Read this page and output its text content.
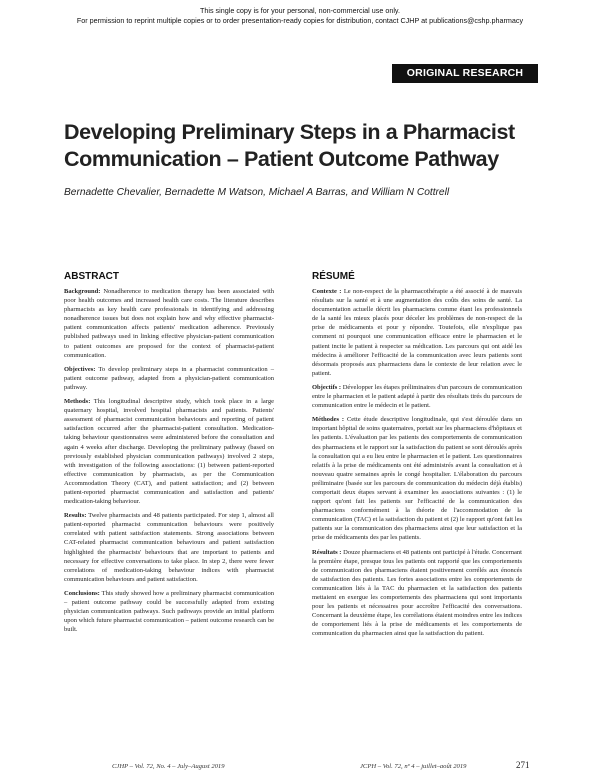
This single copy is for your personal, non-commercial use only.
For permission to reprint multiple copies or to order presentation-ready copies for distribution, contact CJHP at publications@cshp.pharmacy
ORIGINAL RESEARCH
Developing Preliminary Steps in a Pharmacist Communication – Patient Outcome Pathway
Bernadette Chevalier, Bernadette M Watson, Michael A Barras, and William N Cottrell
ABSTRACT

Background: Nonadherence to medication therapy has been associated with poor health outcomes and increased health care costs. The literature describes pharmacists as key health care professionals in identifying and addressing nonadherence issues but does not explain how and why effective pharmacist-patient communication affects patients' medication adherence. Previously published pathways used in linking effective physician-patient communication to patient outcomes are proposed for the context of pharmacist-patient communication.

Objectives: To develop preliminary steps in a pharmacist communication – patient outcome pathway, adapted from a physician-patient communication pathway.

Methods: This longitudinal descriptive study, which took place in a large quaternary hospital, involved hospital pharmacists and patients. Patients' assessment of pharmacist communication behaviours and reporting of patient satisfaction occurred after the pharmacist-patient consultation. Medication-taking behaviour questionnaires were administered before the consultation and again 4 weeks after discharge. Developing the preliminary pathway (based on previously established physician communication pathways) involved 2 steps, with investigation of the following associations: (1) between patient-reported effective communication by pharmacists, as per the Communication Accommodation Theory (CAT), and patient satisfaction; and (2) between patient-reported pharmacist communication and satisfaction and patients' medication-taking behaviour.

Results: Twelve pharmacists and 48 patients participated. For step 1, almost all patient-reported pharmacist communication behaviours were positively correlated with patient satisfaction statements. Strong associations between CAT-related pharmacist communication behaviours and patient satisfaction highlighted the pharmacists' behaviours that are important to patients and necessary for effective conversations to take place. In step 2, there were fewer correlations of medication-taking behaviour indices with pharmacist communication behaviours and patient satisfaction.

Conclusions: This study showed how a preliminary pharmacist communication – patient outcome pathway could be successfully adapted from existing physician communication pathways. Such pathways provide an initial platform upon which future pharmacist communication – patient outcome research can be built.

RÉSUMÉ

Contexte : Le non-respect de la pharmacothérapie a été associé à de mauvais résultats sur la santé et à une augmentation des coûts des soins de santé. La documentation actuelle décrit les pharmaciens comme étant les professionnels de la santé les mieux placés pour déceler les problèmes de non-respect de la prise de médicaments et pour y répondre. Toutefois, elle n'explique pas comment ni pourquoi une communication efficace entre le pharmacien et le patient incite le patient à respecter sa médication. Les parcours qui ont aidé les médecins à améliorer l'efficacité de la communication avec leurs patients sont désormais proposés aux pharmaciens dans le contexte de leur relation avec le patient.

Objectifs : Développer les étapes préliminaires d'un parcours de communication entre le pharmacien et le patient adapté à partir des résultats tirés du parcours de communication entre le médecin et le patient.

Méthodes : Cette étude descriptive longitudinale, qui s'est déroulée dans un important hôpital de soins quaternaires, portait sur les pharmaciens d'hôpitaux et les patients. L'évaluation par les patients des comportements de communication des pharmaciens et le rapport sur la satisfaction du patient se sont déroulés après la consultation qui a eu lieu entre le pharmacien et le patient. Les questionnaires relatifs à la prise de médicaments ont été administrés avant la consultation et à nouveau quatre semaines après le congé hospitalier. L'élaboration du parcours préliminaire (basée sur les parcours de communication du médecin déjà établis) comportait deux étapes servant à examiner les associations suivantes : (1) le rapport qu'ont fait les patients sur l'efficacité de la communication des pharmaciens conformément à la théorie de l'accommodation de la communication (TAC) et la satisfaction du patient et (2) le rapport qu'ont fait les patients sur la communication des pharmaciens ainsi que leur satisfaction et la prise de médicaments des par les patients.

Résultats : Douze pharmaciens et 48 patients ont participé à l'étude. Concernant la première étape, presque tous les patients ont rapporté que les comportements de communication des pharmaciens étaient positivement corrélés aux énoncés de satisfaction des patients. Les fortes associations entre les comportements de communication liés à la TAC du pharmacien et la satisfaction des patients mettaient en exergue les comportements des pharmaciens qui sont importants pour les patients et nécessaires pour accroître l'efficacité des conversations. Concernant la deuxième étape, les corrélations étaient moindres entre les indices de comportement liés à la prise de médicaments et les comportements de communication du pharmacien ainsi que la satisfaction du patient.

CJHP – Vol. 72, No. 4 – July–August 2019	JCPH – Vol. 72, nº 4 – juillet–août 2019	271
